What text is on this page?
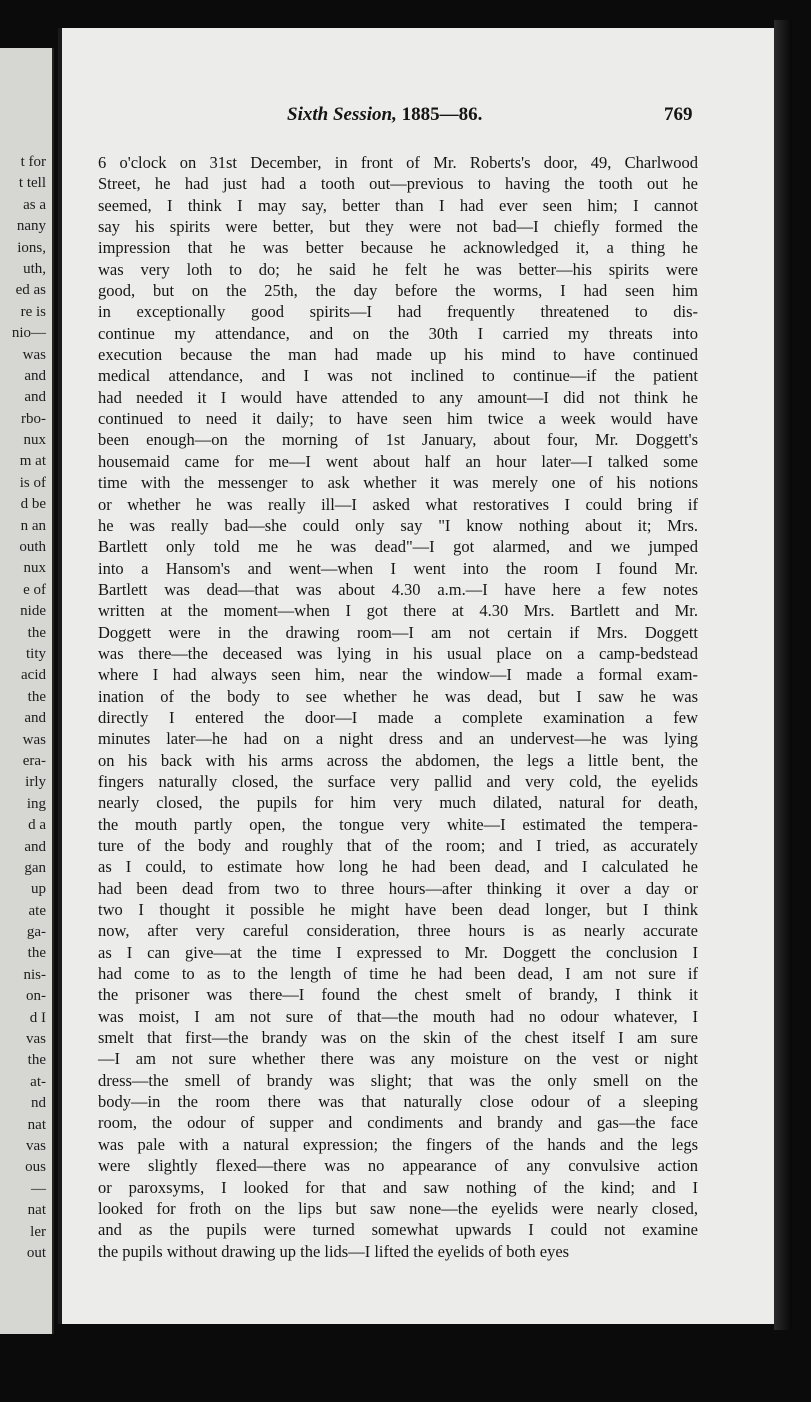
t for
t tell
as a
nany
ions,
uth,
ed as
re is
nio—
was
and
and
rbo-
nux
m at
is of
d be
n an
outh
nux
e of
nide
the
tity
acid
the
and
was
era-
irly
ing
d a
and
gan
up
ate
ga-
the
nis-
on-
d I
vas
the
at-
nd
nat
vas
ous
—
nat
ler
out
Sixth Session, 1885—86.	769
6 o'clock on 31st December, in front of Mr. Roberts's door, 49, Charlwood
Street, he had just had a tooth out—previous to having the tooth out he
seemed, I think I may say, better than I had ever seen him; I cannot
say his spirits were better, but they were not bad—I chiefly formed the
impression that he was better because he acknowledged it, a thing he
was very loth to do; he said he felt he was better—his spirits were
good, but on the 25th, the day before the worms, I had seen him
in exceptionally good spirits—I had frequently threatened to dis-
continue my attendance, and on the 30th I carried my threats into
execution because the man had made up his mind to have continued
medical attendance, and I was not inclined to continue—if the patient
had needed it I would have attended to any amount—I did not think he
continued to need it daily; to have seen him twice a week would have
been enough—on the morning of 1st January, about four, Mr. Doggett's
housemaid came for me—I went about half an hour later—I talked some
time with the messenger to ask whether it was merely one of his notions
or whether he was really ill—I asked what restoratives I could bring if
he was really bad—she could only say "I know nothing about it; Mrs.
Bartlett only told me he was dead"—I got alarmed, and we jumped
into a Hansom's and went—when I went into the room I found Mr.
Bartlett was dead—that was about 4.30 a.m.—I have here a few notes
written at the moment—when I got there at 4.30 Mrs. Bartlett and Mr.
Doggett were in the drawing room—I am not certain if Mrs. Doggett
was there—the deceased was lying in his usual place on a camp-bedstead
where I had always seen him, near the window—I made a formal exam-
ination of the body to see whether he was dead, but I saw he was
directly I entered the door—I made a complete examination a few
minutes later—he had on a night dress and an undervest—he was lying
on his back with his arms across the abdomen, the legs a little bent, the
fingers naturally closed, the surface very pallid and very cold, the eyelids
nearly closed, the pupils for him very much dilated, natural for death,
the mouth partly open, the tongue very white—I estimated the tempera-
ture of the body and roughly that of the room; and I tried, as accurately
as I could, to estimate how long he had been dead, and I calculated he
had been dead from two to three hours—after thinking it over a day or
two I thought it possible he might have been dead longer, but I think
now, after very careful consideration, three hours is as nearly accurate
as I can give—at the time I expressed to Mr. Doggett the conclusion I
had come to as to the length of time he had been dead, I am not sure if
the prisoner was there—I found the chest smelt of brandy, I think it
was moist, I am not sure of that—the mouth had no odour whatever, I
smelt that first—the brandy was on the skin of the chest itself I am sure
—I am not sure whether there was any moisture on the vest or night
dress—the smell of brandy was slight; that was the only smell on the
body—in the room there was that naturally close odour of a sleeping
room, the odour of supper and condiments and brandy and gas—the face
was pale with a natural expression; the fingers of the hands and the legs
were slightly flexed—there was no appearance of any convulsive action
or paroxsyms, I looked for that and saw nothing of the kind; and I
looked for froth on the lips but saw none—the eyelids were nearly closed,
and as the pupils were turned somewhat upwards I could not examine
the pupils without drawing up the lids—I lifted the eyelids of both eyes
